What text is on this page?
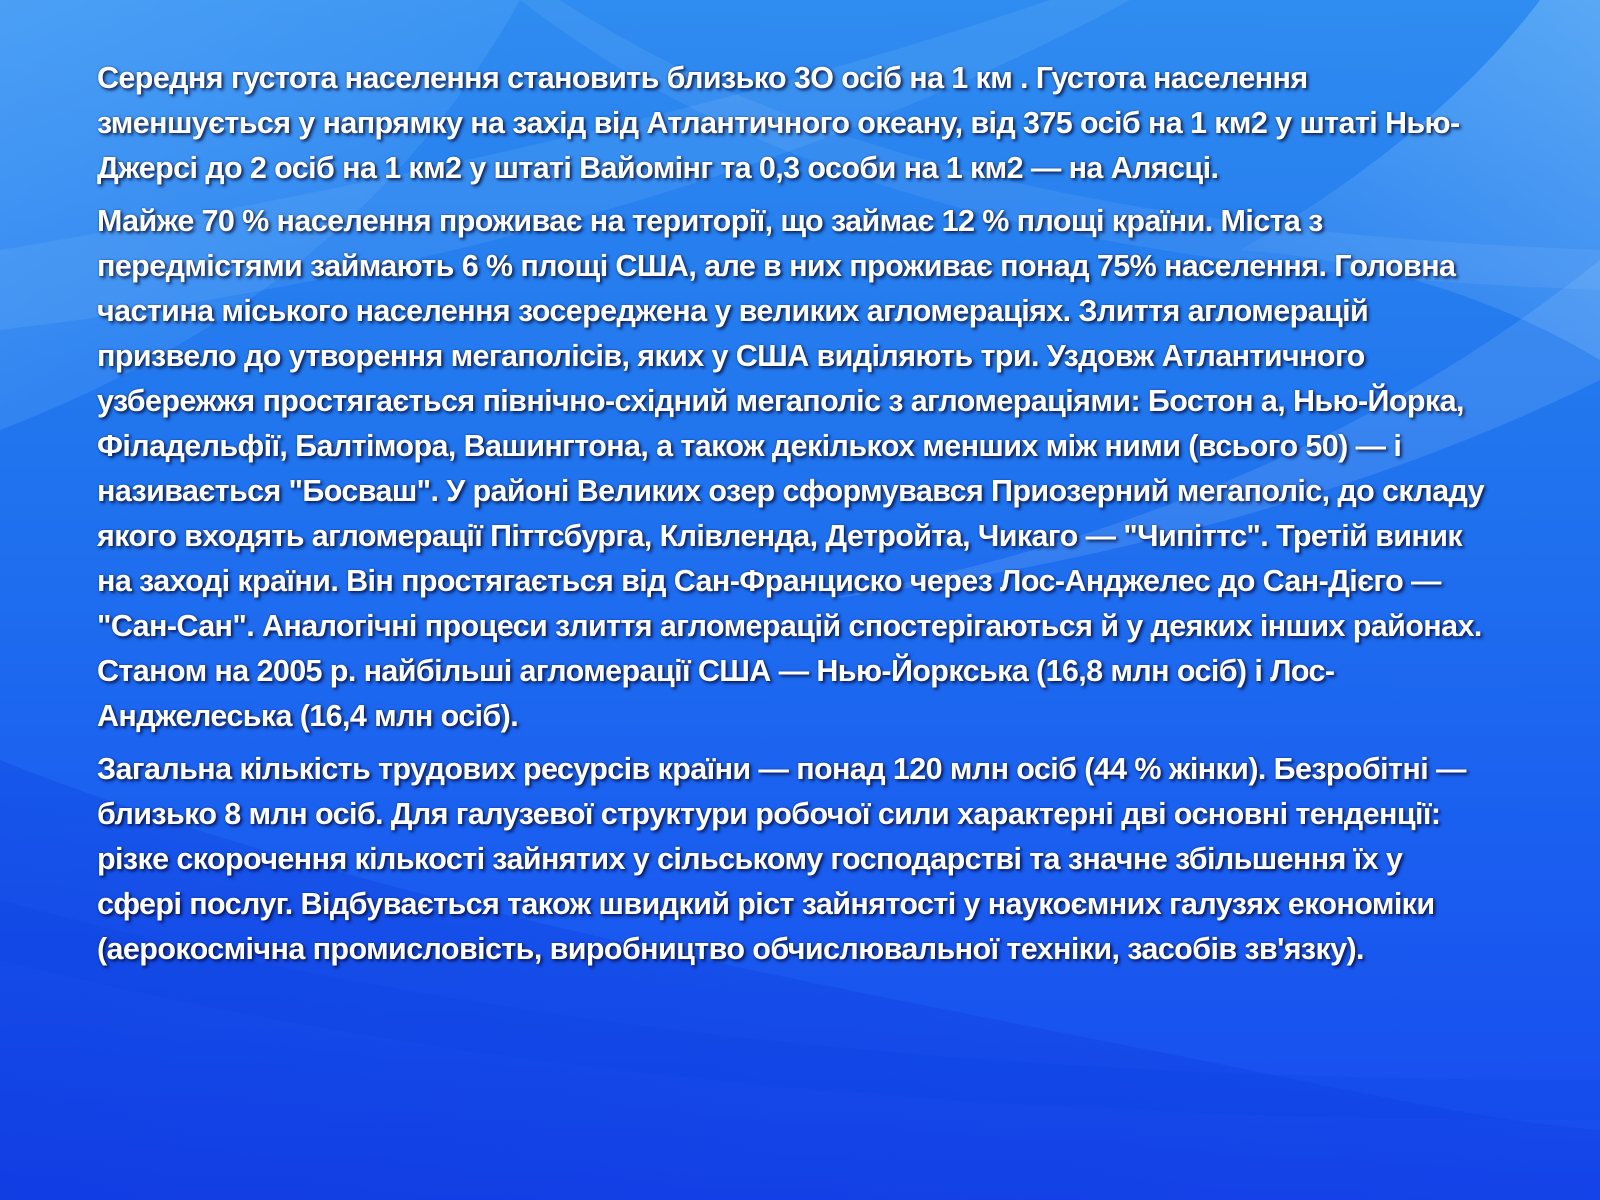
Середня густота населення становить близько 3О осіб на 1 км . Густота населення зменшується у напрямку на захід від Атлантичного океану, від 375 осіб на 1 км2 у штаті Нью-Джерсі до 2 осіб на 1 км2 у штаті Вайомінг та 0,3 особи на 1 км2 — на Алясці.

Майже 70 % населення проживає на території, що займає 12 % площі країни. Міста з передмістями займають 6 % площі США, але в них проживає понад 75% населення. Головна частина міського населення зосереджена у великих агломераціях. Злиття агломерацій призвело до утворення мегаполісів, яких у США виділяють три. Уздовж Атлантичного узбережжя простягається північно-східний мегаполіс з агломераціями: Бостон а, Нью-Йорка, Філадельфії, Балтімора, Вашингтона, а також декількох менших між ними (всього 50) — і називається "Босваш". У районі Великих озер сформувався Приозерний мегаполіс, до складу якого входять агломерації Піттсбурга, Клівленда, Детройта, Чикаго — "Чипіттс". Третій виник на заході країни. Він простягається від Сан-Франциско через Лос-Анджелес до Сан-Дієго — "Сан-Сан". Аналогічні процеси злиття агломерацій спостерігаються й у деяких інших районах. Станом на 2005 р. найбільші агломерації США — Нью-Йоркська (16,8 млн осіб) і Лос-Анджелеська (16,4 млн осіб).

Загальна кількість трудових ресурсів країни — понад 120 млн осіб (44 % жінки). Безробітні — близько 8 млн осіб. Для галузевої структури робочої сили характерні дві основні тенденції: різке скорочення кількості зайнятих у сільському господарстві та значне збільшення їх у сфері послуг. Відбувається також швидкий ріст зайнятості у наукоємних галузях економіки (аерокосмічна промисловість, виробництво обчислювальної техніки, засобів зв'язку).
